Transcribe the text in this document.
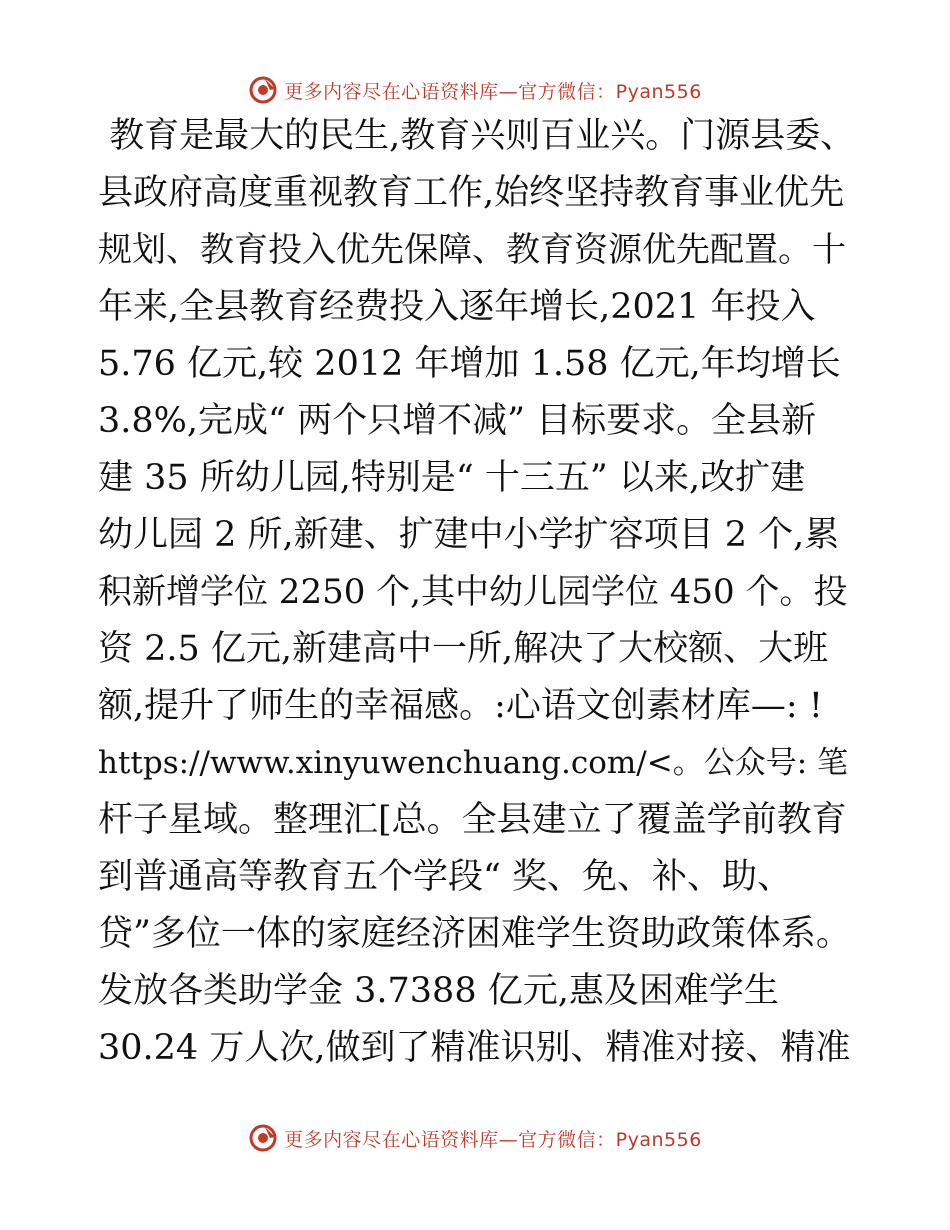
更多内容尽在心语资料库—官方微信：Pyan556
教育是最大的民生,教育兴则百业兴。门源县委、
县政府高度重视教育工作,始终坚持教育事业优先
规划、教育投入优先保障、教育资源优先配置。十
年来,全县教育经费投入逐年增长,2021 年投入
5.76 亿元,较 2012 年增加 1.58 亿元,年均增长
3.8%,完成“ 两个只增不减” 目标要求。全县新
建 35 所幼儿园,特别是“ 十三五” 以来,改扩建
幼儿园 2 所,新建、扩建中小学扩容项目 2 个,累
积新增学位 2250 个,其中幼儿园学位 450 个。投
资 2.5 亿元,新建高中一所,解决了大校额、大班
额,提升了师生的幸福感。:心语文创素材库—: !
https://www.xinyuwenchuang.com/<。公众号: 笔
杆子星域。整理汇[总。全县建立了覆盖学前教育
到普通高等教育五个学段“ 奖、免、补、助、
贷”多位一体的家庭经济困难学生资助政策体系。
发放各类助学金 3.7388 亿元,惠及困难学生
30.24 万人次,做到了精准识别、精准对接、精准
更多内容尽在心语资料库—官方微信：Pyan556
